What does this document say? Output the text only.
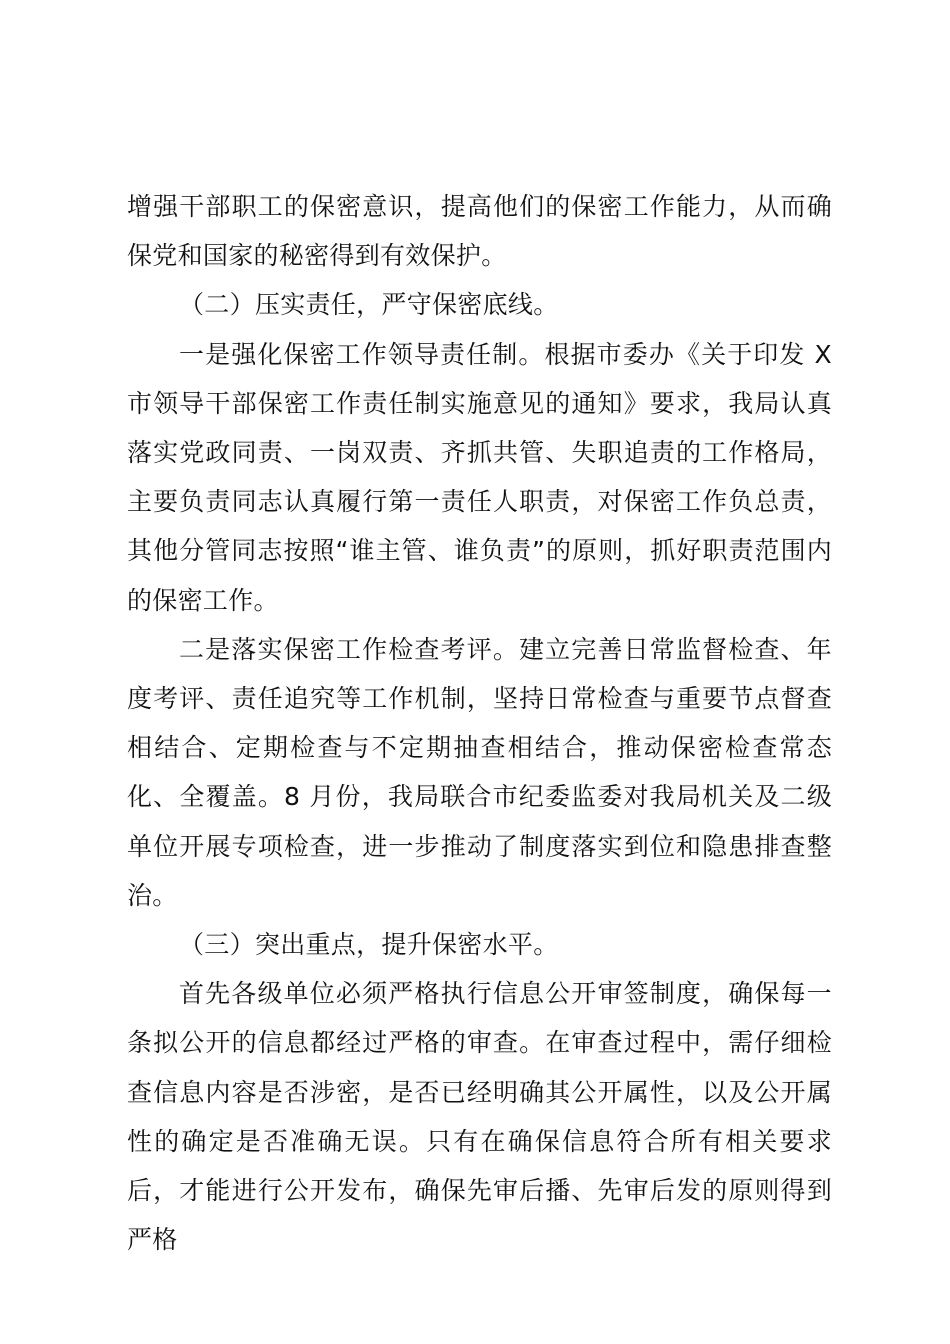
增强干部职工的保密意识，提高他们的保密工作能力，从而确保党和国家的秘密得到有效保护。

（二）压实责任，严守保密底线。

一是强化保密工作领导责任制。根据市委办《关于印发 X 市领导干部保密工作责任制实施意见的通知》要求，我局认真落实党政同责、一岗双责、齐抓共管、失职追责的工作格局，主要负责同志认真履行第一责任人职责，对保密工作负总责，其他分管同志按照“谁主管、谁负责”的原则，抓好职责范围内的保密工作。

二是落实保密工作检查考评。建立完善日常监督检查、年度考评、责任追究等工作机制，坚持日常检查与重要节点督查相结合、定期检查与不定期抽查相结合，推动保密检查常态化、全覆盖。8 月份，我局联合市纪委监委对我局机关及二级单位开展专项检查，进一步推动了制度落实到位和隐患排查整治。

（三）突出重点，提升保密水平。

首先各级单位必须严格执行信息公开审签制度，确保每一条拟公开的信息都经过严格的审查。在审查过程中，需仔细检查信息内容是否涉密，是否已经明确其公开属性，以及公开属性的确定是否准确无误。只有在确保信息符合所有相关要求后，才能进行公开发布，确保先审后播、先审后发的原则得到严格
